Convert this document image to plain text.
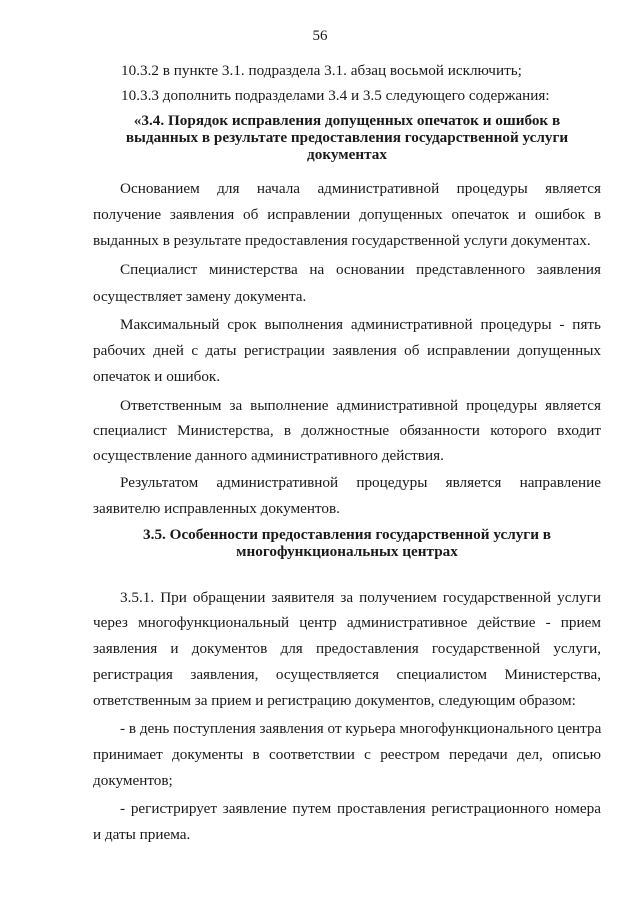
56
10.3.2 в пункте 3.1. подраздела 3.1. абзац восьмой исключить;
10.3.3 дополнить подразделами 3.4 и 3.5 следующего содержания:
«3.4. Порядок исправления допущенных опечаток и ошибок в
выданных в результате предоставления государственной услуги
документах
Основанием для начала административной процедуры является
получение заявления об исправлении допущенных опечаток и ошибок в
выданных в результате предоставления государственной услуги документах.
Специалист министерства на основании представленного заявления
осуществляет замену документа.
Максимальный срок выполнения административной процедуры - пять
рабочих дней с даты регистрации заявления об исправлении допущенных
опечаток и ошибок.
Ответственным за выполнение административной процедуры является
специалист Министерства, в должностные обязанности которого входит
осуществление данного административного действия.
Результатом административной процедуры является направление
заявителю исправленных документов.
3.5. Особенности предоставления государственной услуги в
многофункциональных центрах
3.5.1. При обращении заявителя за получением государственной услуги
через многофункциональный центр административное действие - прием
заявления и документов для предоставления государственной услуги,
регистрация заявления, осуществляется специалистом Министерства,
ответственным за прием и регистрацию документов, следующим образом:
- в день поступления заявления от курьера многофункционального центра
принимает документы в соответствии с реестром передачи дел, описью
документов;
- регистрирует заявление путем проставления регистрационного номера
и даты приема.
